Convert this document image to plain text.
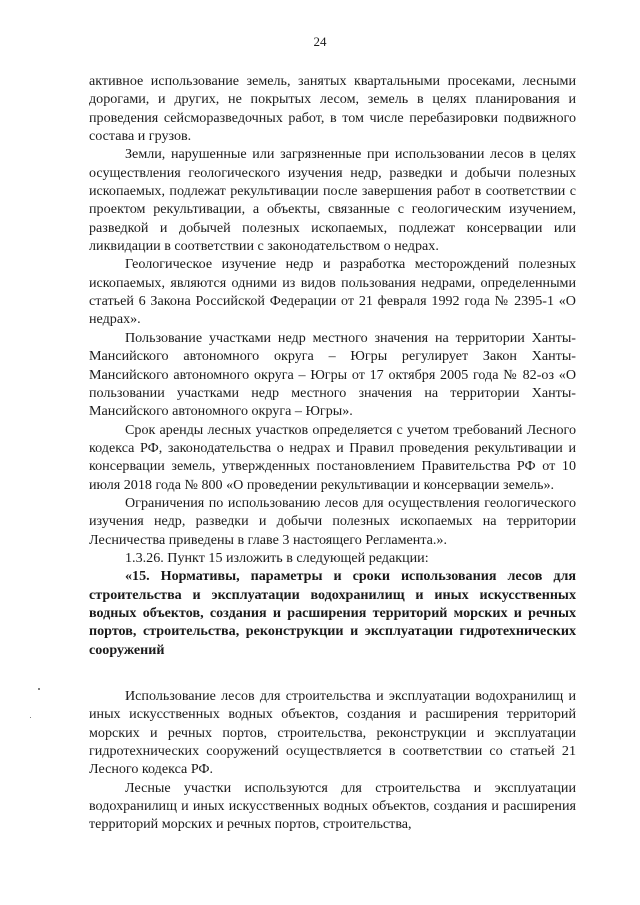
24

активное использование земель, занятых квартальными просеками, лесными дорогами, и других, не покрытых лесом, земель в целях планирования и проведения сейсморазведочных работ, в том числе перебазировки подвижного состава и грузов.

Земли, нарушенные или загрязненные при использовании лесов в целях осуществления геологического изучения недр, разведки и добычи полезных ископаемых, подлежат рекультивации после завершения работ в соответствии с проектом рекультивации, а объекты, связанные с геологическим изучением, разведкой и добычей полезных ископаемых, подлежат консервации или ликвидации в соответствии с законодательством о недрах.

Геологическое изучение недр и разработка месторождений полезных ископаемых, являются одними из видов пользования недрами, определенными статьей 6 Закона Российской Федерации от 21 февраля 1992 года № 2395-1 «О недрах».

Пользование участками недр местного значения на территории Ханты-Мансийского автономного округа – Югры регулирует Закон Ханты-Мансийского автономного округа – Югры от 17 октября 2005 года № 82-оз «О пользовании участками недр местного значения на территории Ханты-Мансийского автономного округа – Югры».

Срок аренды лесных участков определяется с учетом требований Лесного кодекса РФ, законодательства о недрах и Правил проведения рекультивации и консервации земель, утвержденных постановлением Правительства РФ от 10 июля 2018 года № 800 «О проведении рекультивации и консервации земель».

Ограничения по использованию лесов для осуществления геологического изучения недр, разведки и добычи полезных ископаемых на территории Лесничества приведены в главе 3 настоящего Регламента.».

1.3.26. Пункт 15 изложить в следующей редакции:

«15. Нормативы, параметры и сроки использования лесов для строительства и эксплуатации водохранилищ и иных искусственных водных объектов, создания и расширения территорий морских и речных портов, строительства, реконструкции и эксплуатации гидротехнических сооружений

Использование лесов для строительства и эксплуатации водохранилищ и иных искусственных водных объектов, создания и расширения территорий морских и речных портов, строительства, реконструкции и эксплуатации гидротехнических сооружений осуществляется в соответствии со статьей 21 Лесного кодекса РФ.

Лесные участки используются для строительства и эксплуатации водохранилищ и иных искусственных водных объектов, создания и расширения территорий морских и речных портов, строительства,
